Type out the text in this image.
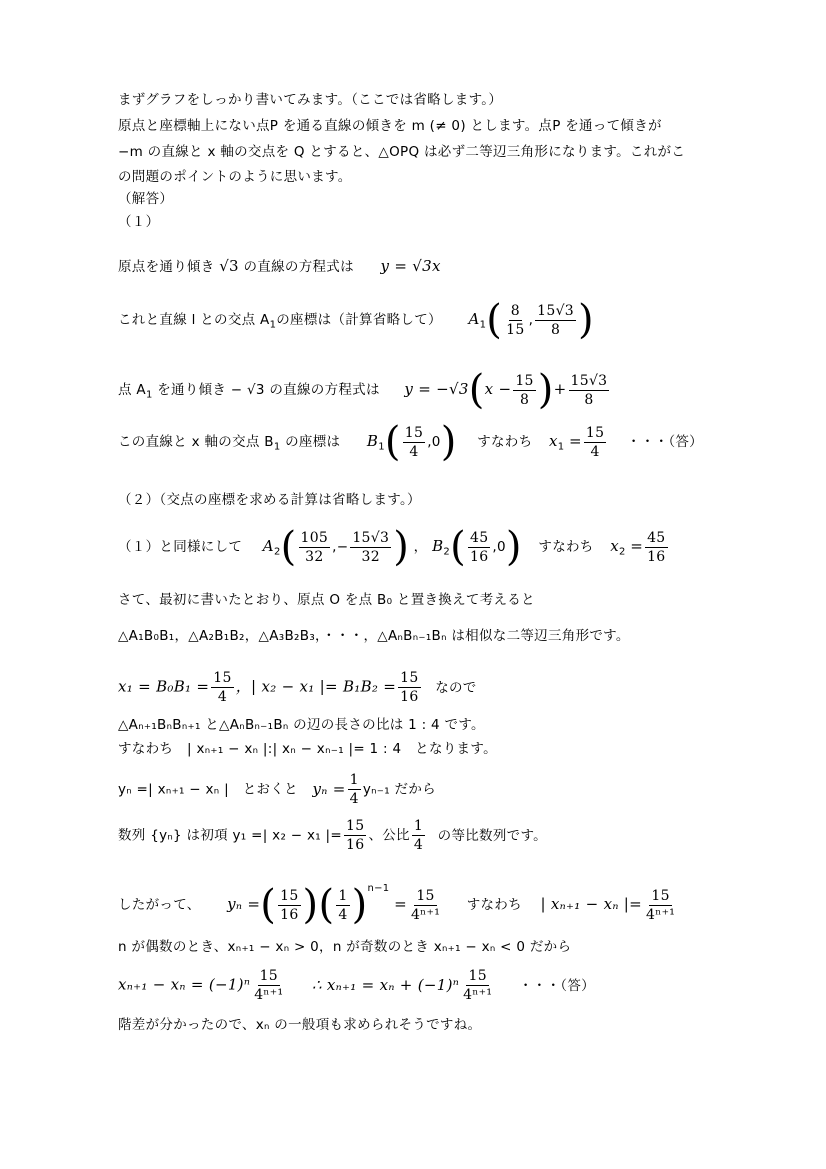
まずグラフをしっかり書いてみます。（ここでは省略します。）
原点と座標軸上にない点P を通る直線の傾きを m (≠ 0) とします。点P を通って傾きが
−m の直線と x 軸の交点を Q とすると、△OPQ は必ず二等辺三角形になります。これがこ
の問題のポイントのように思います。
（解答）
（１）
原点を通り傾き √3 の直線の方程式は y = √3x
これと直線 l との交点 $A_1$の座標は（計算省略して） $A_1( \frac{8}{15}$ , $\frac{15√3}{8}$ )
点 $A_1$ を通り傾き − √3 の直線の方程式は $y = -√3(x - \frac{15}{8}$ )+ $\frac{15√3}{8}$
この直線と x 軸の交点 $B_1$ の座標は $B_1( \frac{15}{4} ,0)$ すなわち $x_1 = \frac{15}{4}$ ・・・（答）
（２）（交点の座標を求める計算は省略します。）
（１）と同様にして $A_2( \frac{105}{32}$ ,− $\frac{15√3}{32}$ ) ， $B_2( \frac{45}{16} ,0)$ すなわち $x_2 = \frac{45}{16}$
さて、最初に書いたとおり、原点 O を点 B₀ と置き換えて考えると
△A₁B₀B₁，△A₂B₁B₂，△A₃B₂B₃，・・・，△AₙBₙ₋₁Bₙ は相似な二等辺三角形です。
$x_1 = B_0B_1 = \frac{15}{4}$ ，| x₂ − x₁ |= $B_1B_2 = \frac{15}{16}$ なので
△Aₙ₊₁BₙBₙ₊₁ と△AₙBₙ₋₁Bₙ の辺の長さの比は 1 : 4 です。
すなわち　| xₙ₊₁ − xₙ |:| xₙ − xₙ₋₁ |= 1 : 4　となります。
yₙ =| xₙ₊₁ − xₙ |　とおくと $y_n = \frac{1}{4} y_{n-1}$ だから
数列 {yₙ} は初項 y₁ =| x₂ − x₁ |= $\frac{15}{16}$ 、公比 $\frac{1}{4}$ の等比数列です。
したがって、 yₙ =( $\frac{15}{16}$ )( $\frac{1}{4} )^{n-1} = \frac{15}{\text{4ⁿ⁺¹}}$ すなわち | xₙ₊₁ − xₙ |= $\frac{15}{\text{4ⁿ⁺¹}}$
n が偶数のとき、xₙ₊₁ − xₙ > 0，n が奇数のとき xₙ₊₁ − xₙ < 0 だから
$x_{n+1} - x_n = (-1)^n \frac{15}{\text{4ⁿ⁺¹}}$ ∴ $x_{n+1} = x_n + (-1)^n \frac{15}{\text{4ⁿ⁺¹}}$ ・・・（答）
階差が分かったので、xₙ の一般項も求められそうですね。
